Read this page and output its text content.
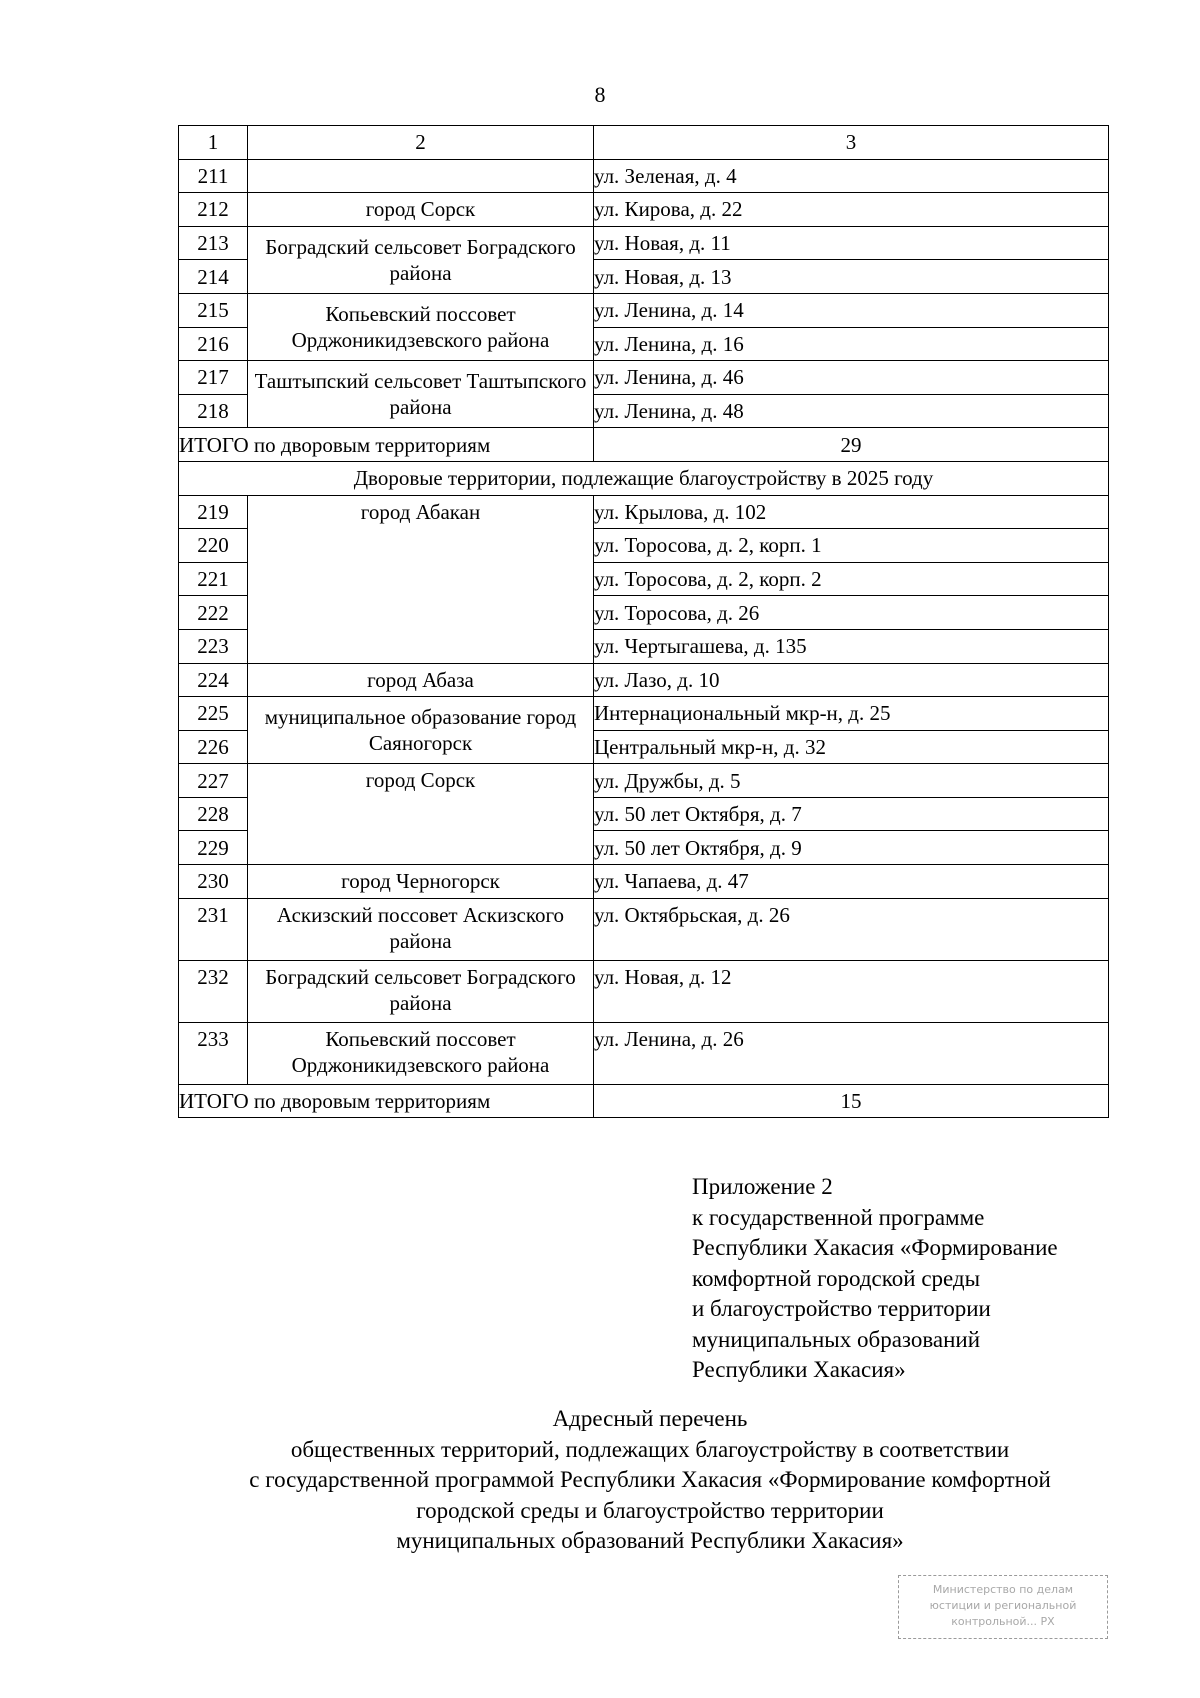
8
1	2	3
211		ул. Зеленая, д. 4
212	город Сорск	ул. Кирова, д. 22
213	Боградский сельсовет Боградского района	ул. Новая, д. 11
214		ул. Новая, д. 13
215	Копьевский поссовет Орджоникидзевского района	ул. Ленина, д. 14
216		ул. Ленина, д. 16
217	Таштыпский сельсовет Таштыпского района	ул. Ленина, д. 46
218		ул. Ленина, д. 48
ИТОГО по дворовым территориям		29
Дворовые территории, подлежащие благоустройству в 2025 году		
219	город Абакан	ул. Крылова, д. 102
220		ул. Торосова, д. 2, корп. 1
221		ул. Торосова, д. 2, корп. 2
222		ул. Торосова, д. 26
223		ул. Чертыгашева, д. 135
224	город Абаза	ул. Лазо, д. 10
225	муниципальное образование город Саяногорск	Интернациональный мкр-н, д. 25
226		Центральный мкр-н, д. 32
227	город Сорск	ул. Дружбы, д. 5
228		ул. 50 лет Октября, д. 7
229		ул. 50 лет Октября, д. 9
230	город Черногорск	ул. Чапаева, д. 47
231	Аскизский поссовет Аскизского района	ул. Октябрьская, д. 26
232	Боградский сельсовет Боградского района	ул. Новая, д. 12
233	Копьевский поссовет Орджоникидзевского района	ул. Ленина, д. 26
ИТОГО по дворовым территориям		15
Приложение 2
к государственной программе
Республики Хакасия «Формирование
комфортной городской среды
и благоустройство территории
муниципальных образований
Республики Хакасия»
Адресный перечень
общественных территорий, подлежащих благоустройству в соответствии
с государственной программой Республики Хакасия «Формирование комфортной
городской среды и благоустройство территории
муниципальных образований Республики Хакасия»
Министерство по делам
юстиции и региональной
контрольной... РХ
